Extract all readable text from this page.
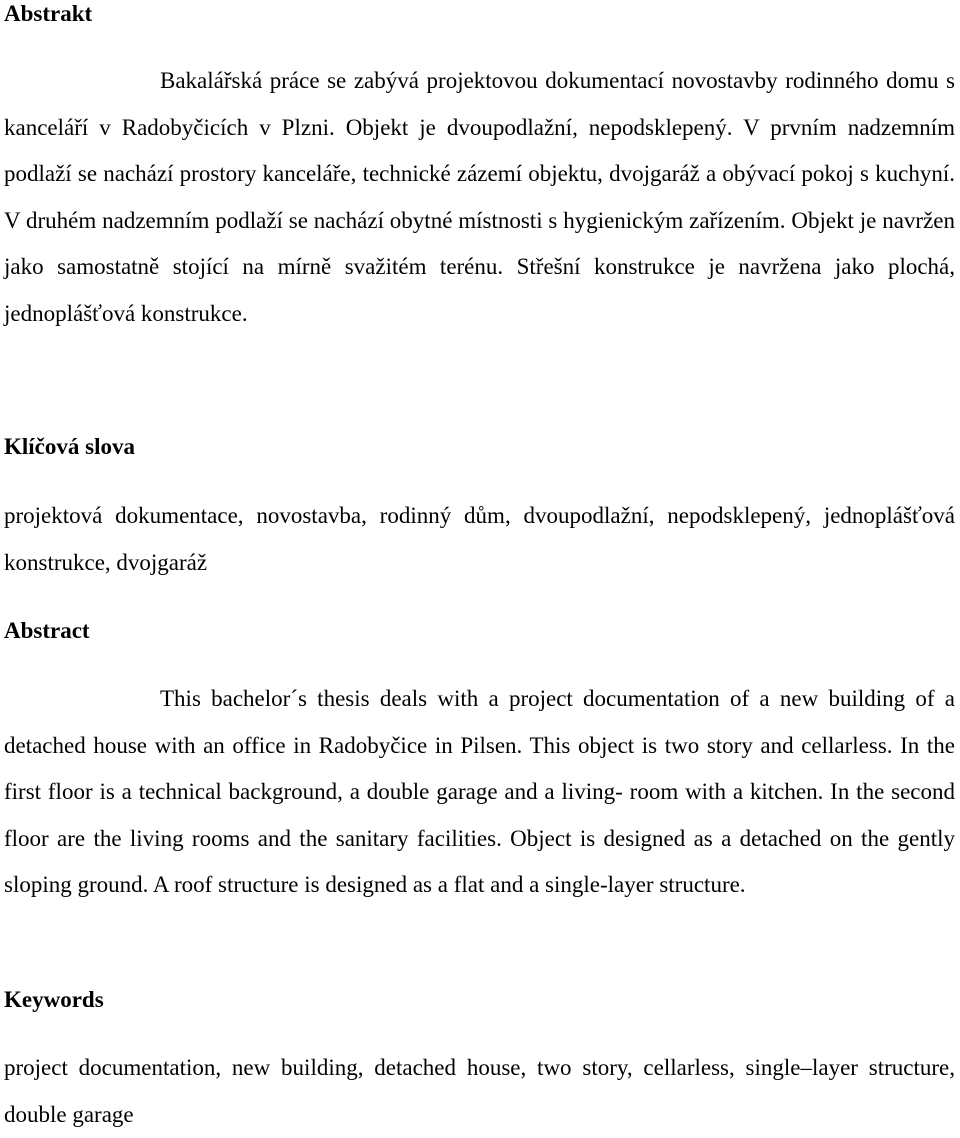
Abstrakt

Bakalářská práce se zabývá projektovou dokumentací novostavby rodinného domu s kanceláří v Radobyčicích v Plzni. Objekt je dvoupodlažní, nepodsklepený. V prvním nadzemním podlaží se nachází prostory kanceláře, technické zázemí objektu, dvojgaráž a obývací pokoj s kuchyní. V druhém nadzemním podlaží se nachází obytné místnosti s hygienickým zařízením. Objekt je navržen jako samostatně stojící na mírně svažitém terénu. Střešní konstrukce je navržena jako plochá, jednoplášťová konstrukce.

Klíčová slova

projektová dokumentace, novostavba, rodinný dům, dvoupodlažní, nepodsklepený, jednoplášťová konstrukce, dvojgaráž

Abstract

This bachelor´s thesis deals with a project documentation of a new building of a detached house with an office in Radobyčice in Pilsen. This object is two story and cellarless. In the first floor is a technical background, a double garage and a living- room with a kitchen. In the second floor are the living rooms and the sanitary facilities. Object is designed as a detached on the gently sloping ground. A roof structure is designed as a flat and a single-layer structure.

Keywords

project documentation, new building, detached house, two story, cellarless, single–layer structure, double garage
